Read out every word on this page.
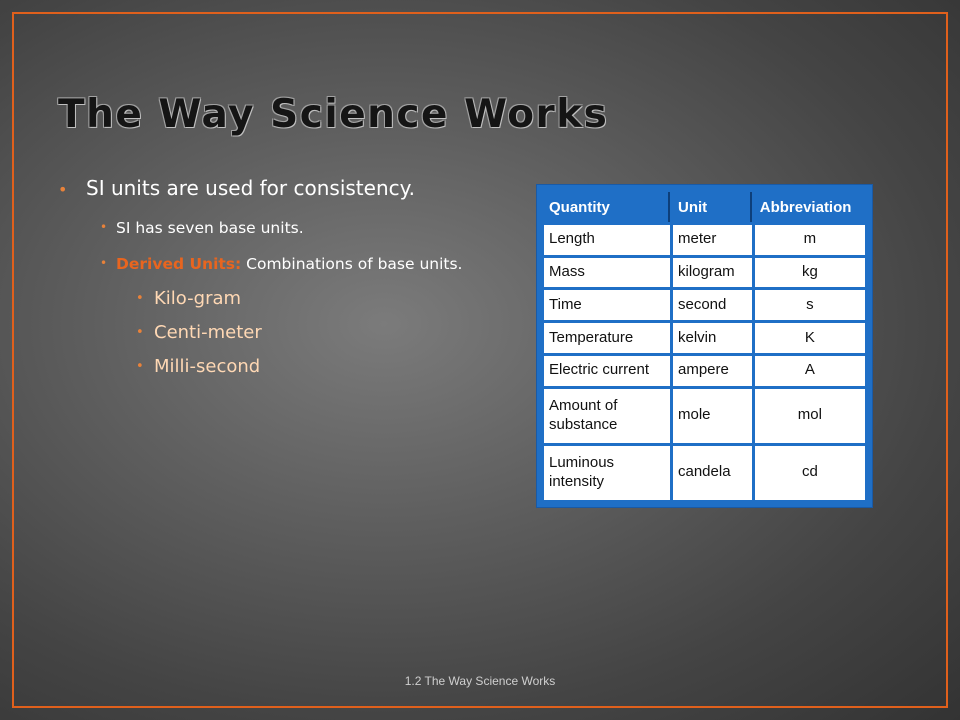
The Way Science Works
• SI units are used for consistency.
• SI has seven base units.
• Derived Units: Combinations of base units.
• Kilo-gram
• Centi-meter
• Milli-second
Quantity	Unit	Abbreviation
Length	meter	m
Mass	kilogram	kg
Time	second	s
Temperature	kelvin	K
Electric current	ampere	A
Amount of substance	mole	mol
Luminous intensity	candela	cd
1.2 The Way Science Works
